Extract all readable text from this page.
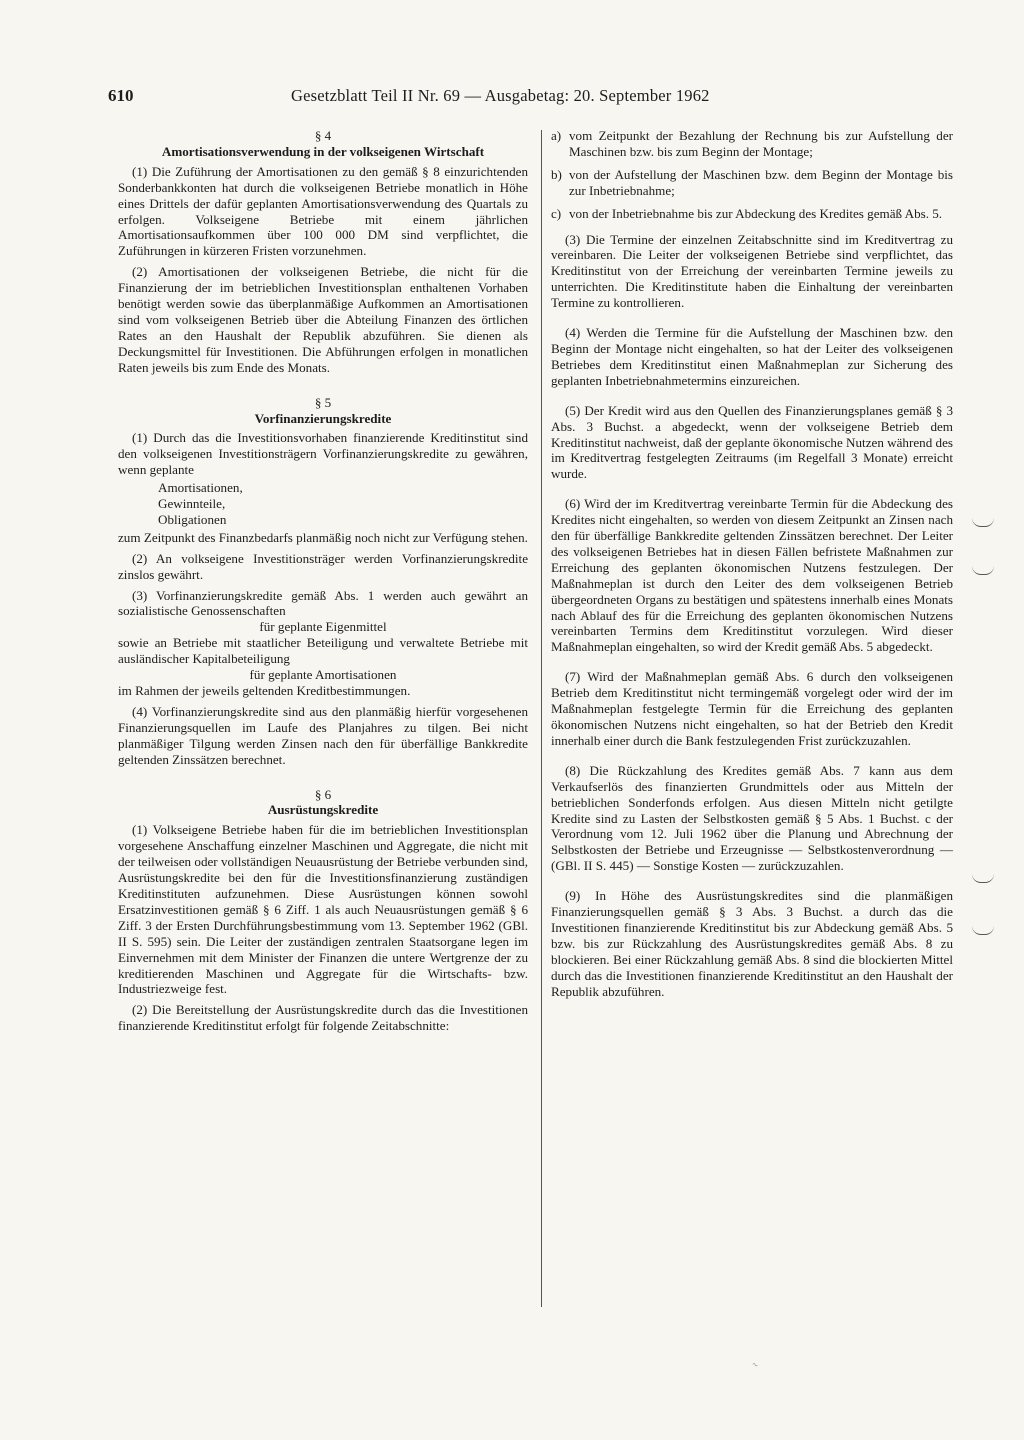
610	Gesetzblatt Teil II Nr. 69 — Ausgabetag: 20. September 1962

§ 4

Amortisationsverwendung in der volkseigenen Wirtschaft

(1) Die Zuführung der Amortisationen zu den gemäß § 8 einzurichtenden Sonderbankkonten hat durch die volkseigenen Betriebe monatlich in Höhe eines Drittels der dafür geplanten Amortisationsverwendung des Quartals zu erfolgen. Volkseigene Betriebe mit einem jährlichen Amortisationsaufkommen über 100 000 DM sind verpflichtet, die Zuführungen in kürzeren Fristen vorzunehmen.

(2) Amortisationen der volkseigenen Betriebe, die nicht für die Finanzierung der im betrieblichen Investitionsplan enthaltenen Vorhaben benötigt werden sowie das überplanmäßige Aufkommen an Amortisationen sind vom volkseigenen Betrieb über die Abteilung Finanzen des örtlichen Rates an den Haushalt der Republik abzuführen. Sie dienen als Deckungsmittel für Investitionen. Die Abführungen erfolgen in monatlichen Raten jeweils bis zum Ende des Monats.

§ 5

Vorfinanzierungskredite

(1) Durch das die Investitionsvorhaben finanzierende Kreditinstitut sind den volkseigenen Investitionsträgern Vorfinanzierungskredite zu gewähren, wenn geplante

Amortisationen,
Gewinnteile,
Obligationen

zum Zeitpunkt des Finanzbedarfs planmäßig noch nicht zur Verfügung stehen.

(2) An volkseigene Investitionsträger werden Vorfinanzierungskredite zinslos gewährt.

(3) Vorfinanzierungskredite gemäß Abs. 1 werden auch gewährt an sozialistische Genossenschaften

für geplante Eigenmittel

sowie an Betriebe mit staatlicher Beteiligung und verwaltete Betriebe mit ausländischer Kapitalbeteiligung

für geplante Amortisationen

im Rahmen der jeweils geltenden Kreditbestimmungen.

(4) Vorfinanzierungskredite sind aus den planmäßig hierfür vorgesehenen Finanzierungsquellen im Laufe des Planjahres zu tilgen. Bei nicht planmäßiger Tilgung werden Zinsen nach den für überfällige Bankkredite geltenden Zinssätzen berechnet.

§ 6

Ausrüstungskredite

(1) Volkseigene Betriebe haben für die im betrieblichen Investitionsplan vorgesehene Anschaffung einzelner Maschinen und Aggregate, die nicht mit der teilweisen oder vollständigen Neuausrüstung der Betriebe verbunden sind, Ausrüstungskredite bei den für die Investitionsfinanzierung zuständigen Kreditinstituten aufzunehmen. Diese Ausrüstungen können sowohl Ersatzinvestitionen gemäß § 6 Ziff. 1 als auch Neuausrüstungen gemäß § 6 Ziff. 3 der Ersten Durchführungsbestimmung vom 13. September 1962 (GBl. II S. 595) sein. Die Leiter der zuständigen zentralen Staatsorgane legen im Einvernehmen mit dem Minister der Finanzen die untere Wertgrenze der zu kreditierenden Maschinen und Aggregate für die Wirtschafts- bzw. Industriezweige fest.

(2) Die Bereitstellung der Ausrüstungskredite durch das die Investitionen finanzierende Kreditinstitut erfolgt für folgende Zeitabschnitte:

a) vom Zeitpunkt der Bezahlung der Rechnung bis zur Aufstellung der Maschinen bzw. bis zum Beginn der Montage;
b) von der Aufstellung der Maschinen bzw. dem Beginn der Montage bis zur Inbetriebnahme;
c) von der Inbetriebnahme bis zur Abdeckung des Kredites gemäß Abs. 5.

(3) Die Termine der einzelnen Zeitabschnitte sind im Kreditvertrag zu vereinbaren. Die Leiter der volkseigenen Betriebe sind verpflichtet, das Kreditinstitut von der Erreichung der vereinbarten Termine jeweils zu unterrichten. Die Kreditinstitute haben die Einhaltung der vereinbarten Termine zu kontrollieren.

(4) Werden die Termine für die Aufstellung der Maschinen bzw. den Beginn der Montage nicht eingehalten, so hat der Leiter des volkseigenen Betriebes dem Kreditinstitut einen Maßnahmeplan zur Sicherung des geplanten Inbetriebnahmetermins einzureichen.

(5) Der Kredit wird aus den Quellen des Finanzierungsplanes gemäß § 3 Abs. 3 Buchst. a abgedeckt, wenn der volkseigene Betrieb dem Kreditinstitut nachweist, daß der geplante ökonomische Nutzen während des im Kreditvertrag festgelegten Zeitraums (im Regelfall 3 Monate) erreicht wurde.

(6) Wird der im Kreditvertrag vereinbarte Termin für die Abdeckung des Kredites nicht eingehalten, so werden von diesem Zeitpunkt an Zinsen nach den für überfällige Bankkredite geltenden Zinssätzen berechnet. Der Leiter des volkseigenen Betriebes hat in diesen Fällen befristete Maßnahmen zur Erreichung des geplanten ökonomischen Nutzens festzulegen. Der Maßnahmeplan ist durch den Leiter des dem volkseigenen Betrieb übergeordneten Organs zu bestätigen und spätestens innerhalb eines Monats nach Ablauf des für die Erreichung des geplanten ökonomischen Nutzens vereinbarten Termins dem Kreditinstitut vorzulegen. Wird dieser Maßnahmeplan eingehalten, so wird der Kredit gemäß Abs. 5 abgedeckt.

(7) Wird der Maßnahmeplan gemäß Abs. 6 durch den volkseigenen Betrieb dem Kreditinstitut nicht termingemäß vorgelegt oder wird der im Maßnahmeplan festgelegte Termin für die Erreichung des geplanten ökonomischen Nutzens nicht eingehalten, so hat der Betrieb den Kredit innerhalb einer durch die Bank festzulegenden Frist zurückzuzahlen.

(8) Die Rückzahlung des Kredites gemäß Abs. 7 kann aus dem Verkaufserlös des finanzierten Grundmittels oder aus Mitteln der betrieblichen Sonderfonds erfolgen. Aus diesen Mitteln nicht getilgte Kredite sind zu Lasten der Selbstkosten gemäß § 5 Abs. 1 Buchst. c der Verordnung vom 12. Juli 1962 über die Planung und Abrechnung der Selbstkosten der Betriebe und Erzeugnisse — Selbstkostenverordnung — (GBl. II S. 445) — Sonstige Kosten — zurückzuzahlen.

(9) In Höhe des Ausrüstungskredites sind die planmäßigen Finanzierungsquellen gemäß § 3 Abs. 3 Buchst. a durch das die Investitionen finanzierende Kreditinstitut bis zur Abdeckung gemäß Abs. 5 bzw. bis zur Rückzahlung des Ausrüstungskredites gemäß Abs. 8 zu blockieren. Bei einer Rückzahlung gemäß Abs. 8 sind die blockierten Mittel durch das die Investitionen finanzierende Kreditinstitut an den Haushalt der Republik abzuführen.

~
